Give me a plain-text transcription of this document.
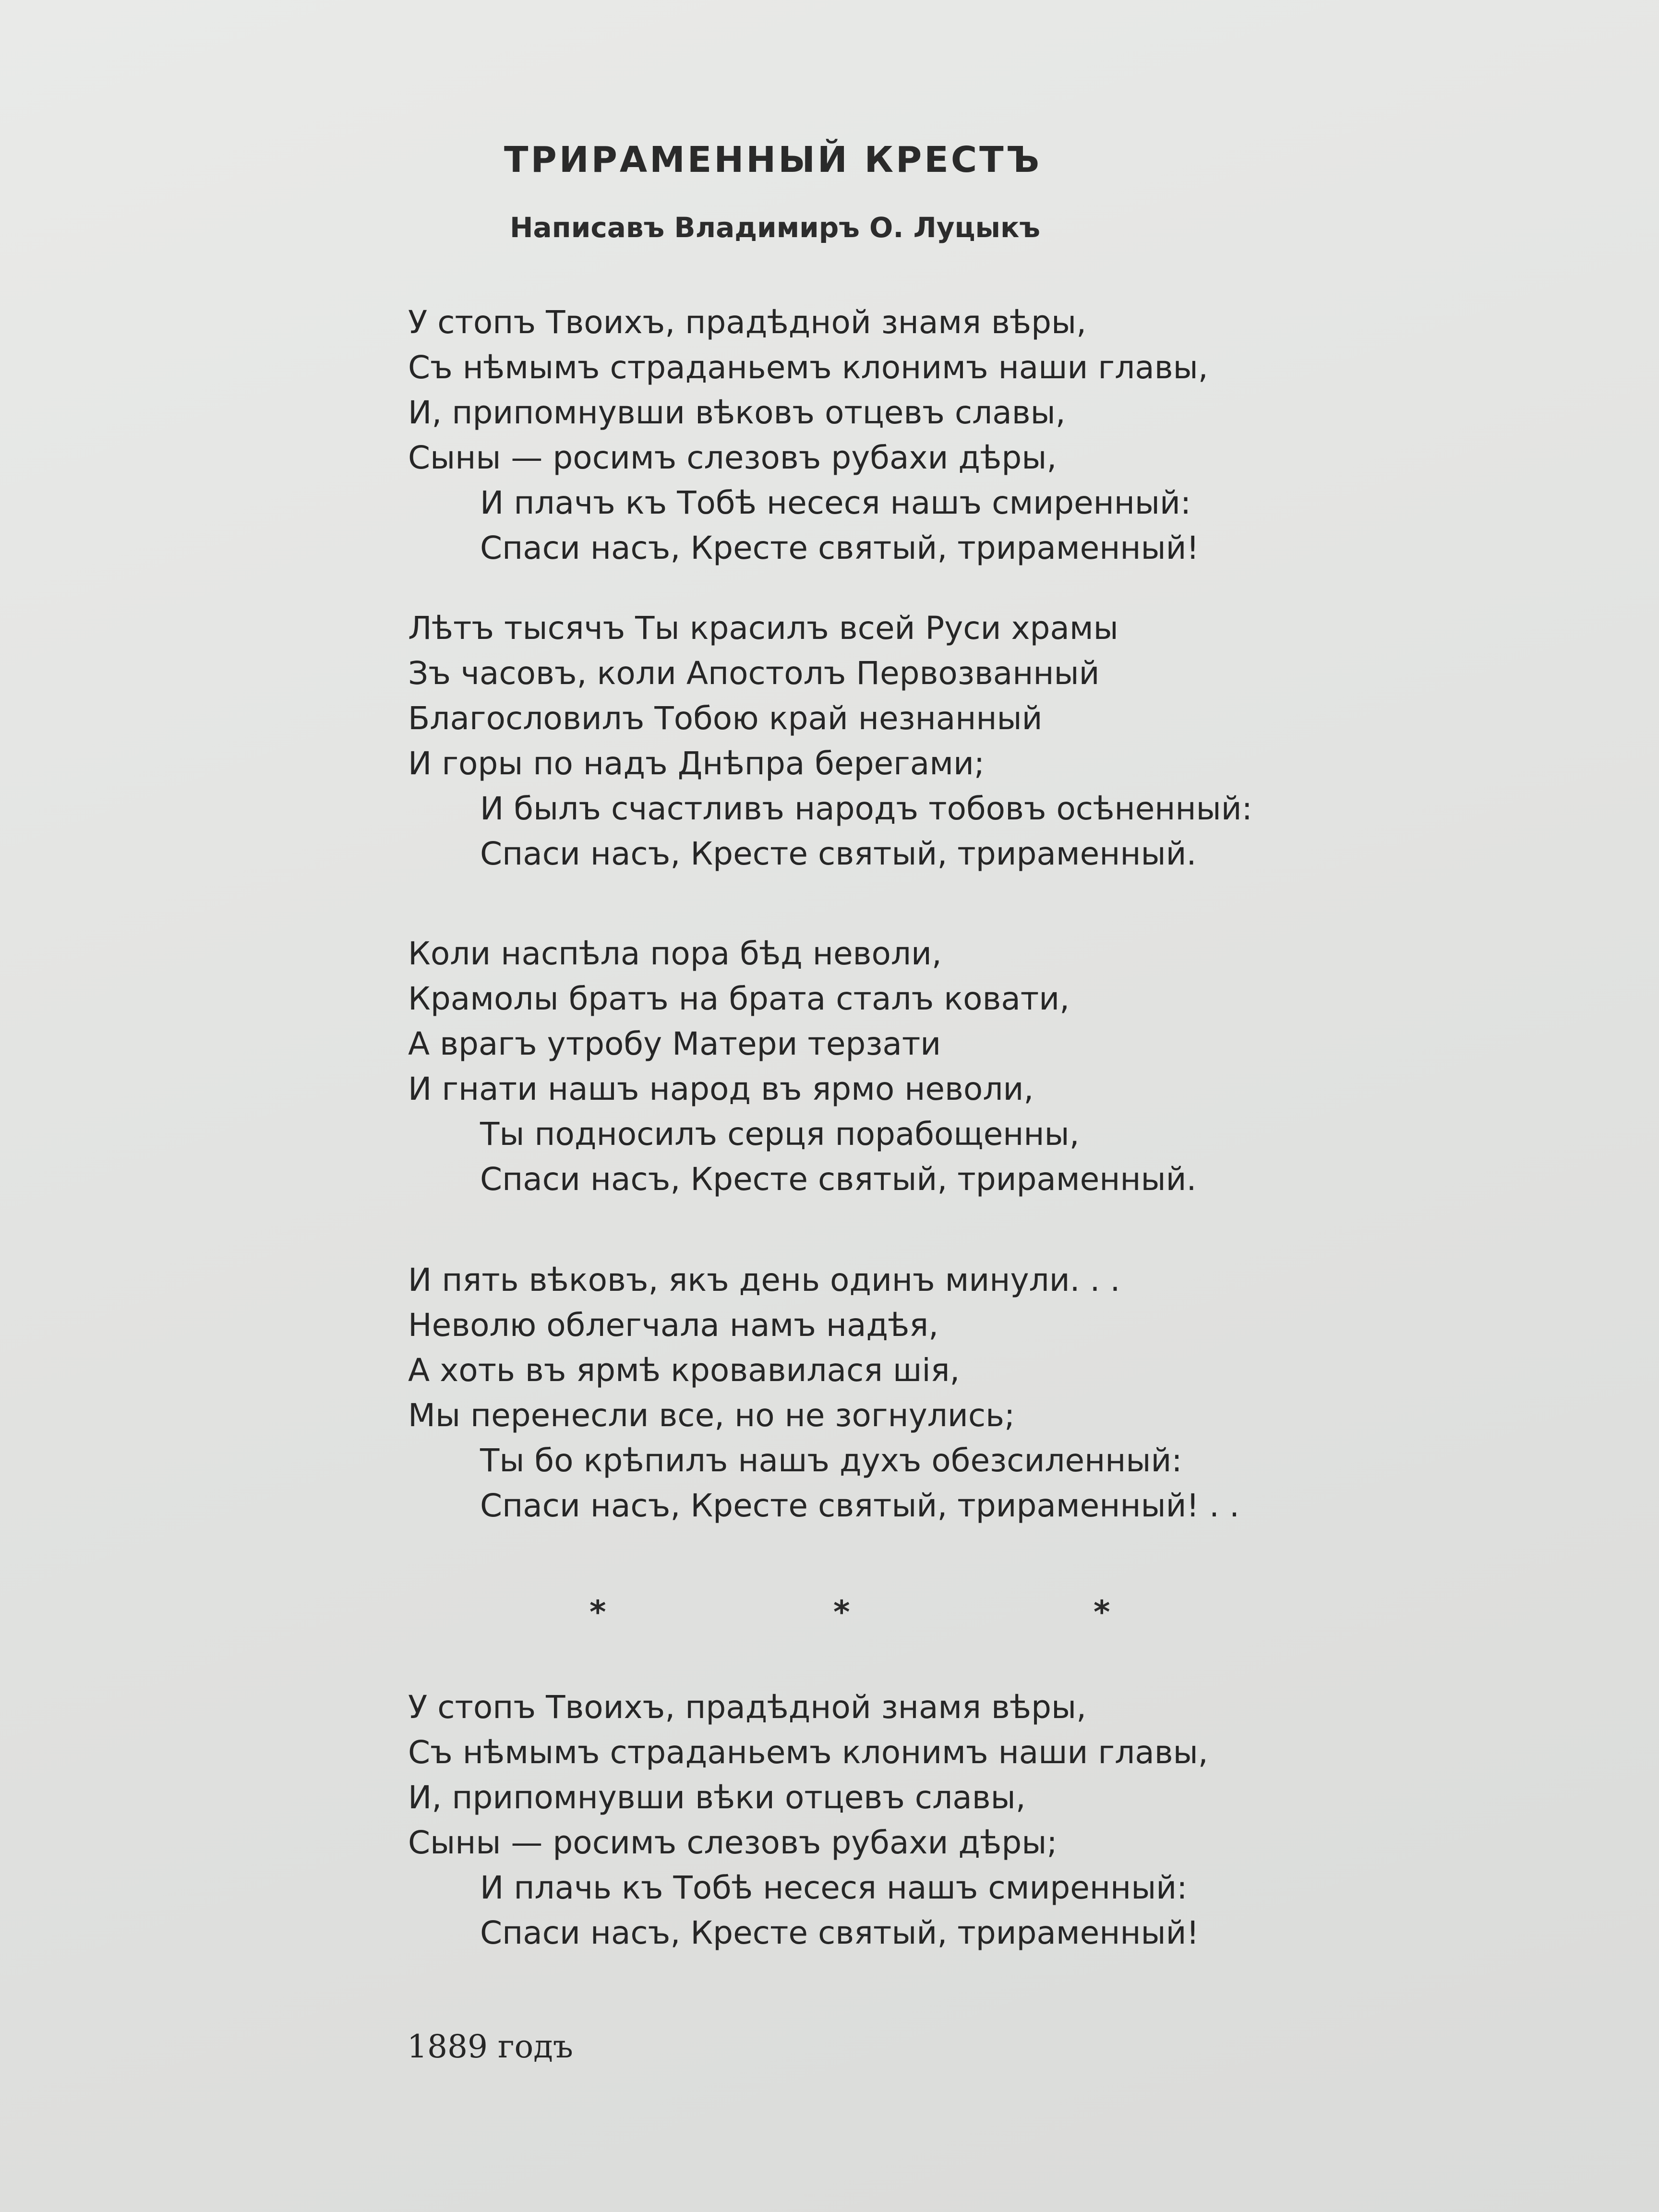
ТРИРАМЕННЫЙ КРЕСТЪ
Написавъ Владимиръ О. Луцыкъ
У стопъ Твоихъ, прадѣдной знамя вѣры,
Съ нѣмымъ страданьемъ клонимъ наши главы,
И, припомнувши вѣковъ отцевъ славы,
Сыны — росимъ слезовъ рубахи дѣры,
И плачъ къ Тобѣ несеся нашъ смиренный:
Спаси насъ, Кресте святый, трираменный!
Лѣтъ тысячъ Ты красилъ всей Руси храмы
Зъ часовъ, коли Апостолъ Первозванный
Благословилъ Тобою край незнанный
И горы по надъ Днѣпра берегами;
И былъ счастливъ народъ тобовъ осѣненный:
Спаси насъ, Кресте святый, трираменный.
Коли наспѣла пора бѣд неволи,
Крамолы братъ на брата сталъ ковати,
А врагъ утробу Матери терзати
И гнати нашъ народ въ ярмо неволи,
Ты подносилъ серця порабощенны,
Спаси насъ, Кресте святый, трираменный.
И пять вѣковъ, якъ день одинъ минули. . .
Неволю облегчала намъ надѣя,
А хоть въ ярмѣ кровавилася шія,
Мы перенесли все, но не зогнулись;
Ты бо крѣпилъ нашъ духъ обезсиленный:
Спаси насъ, Кресте святый, трираменный! . .
*	*	*
У стопъ Твоихъ, прадѣдной знамя вѣры,
Съ нѣмымъ страданьемъ клонимъ наши главы,
И, припомнувши вѣки отцевъ славы,
Сыны — росимъ слезовъ рубахи дѣры;
И плачь къ Тобѣ несеся нашъ смиренный:
Спаси насъ, Кресте святый, трираменный!
1889 годъ
